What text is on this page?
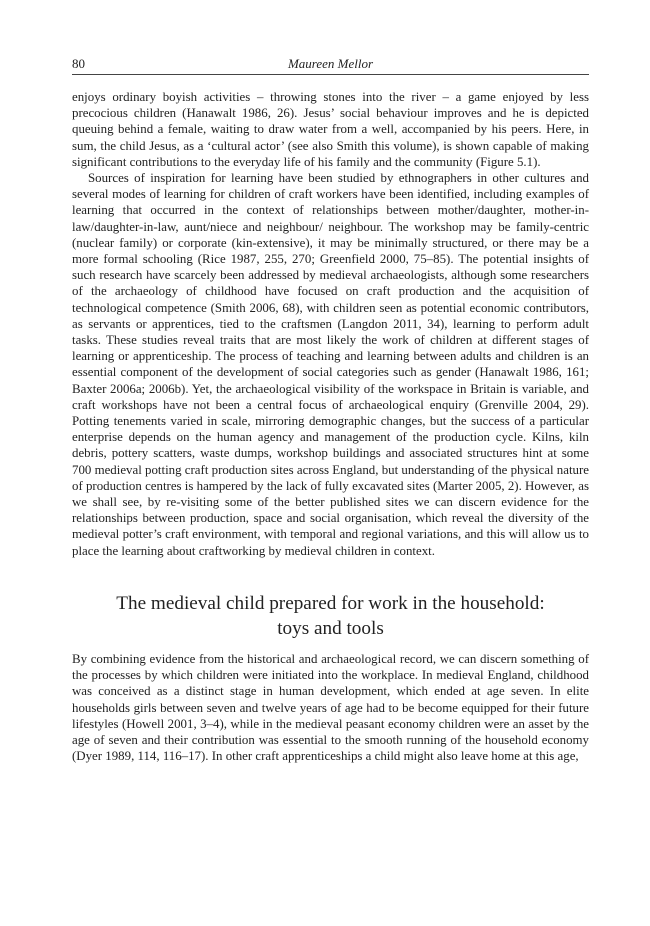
80	Maureen Mellor

enjoys ordinary boyish activities – throwing stones into the river – a game enjoyed by less precocious children (Hanawalt 1986, 26). Jesus’ social behaviour improves and he is depicted queuing behind a female, waiting to draw water from a well, accompanied by his peers. Here, in sum, the child Jesus, as a ‘cultural actor’ (see also Smith this volume), is shown capable of making significant contributions to the everyday life of his family and the community (Figure 5.1).

Sources of inspiration for learning have been studied by ethnographers in other cultures and several modes of learning for children of craft workers have been identified, including examples of learning that occurred in the context of relationships between mother/daughter, mother-in-law/daughter-in-law, aunt/niece and neighbour/ neighbour. The workshop may be family-centric (nuclear family) or corporate (kin-extensive), it may be minimally structured, or there may be a more formal schooling (Rice 1987, 255, 270; Greenfield 2000, 75–85). The potential insights of such research have scarcely been addressed by medieval archaeologists, although some researchers of the archaeology of childhood have focused on craft production and the acquisition of technological competence (Smith 2006, 68), with children seen as potential economic contributors, as servants or apprentices, tied to the craftsmen (Langdon 2011, 34), learning to perform adult tasks. These studies reveal traits that are most likely the work of children at different stages of learning or apprenticeship. The process of teaching and learning between adults and children is an essential component of the development of social categories such as gender (Hanawalt 1986, 161; Baxter 2006a; 2006b). Yet, the archaeological visibility of the workspace in Britain is variable, and craft workshops have not been a central focus of archaeological enquiry (Grenville 2004, 29). Potting tenements varied in scale, mirroring demographic changes, but the success of a particular enterprise depends on the human agency and management of the production cycle. Kilns, kiln debris, pottery scatters, waste dumps, workshop buildings and associated structures hint at some 700 medieval potting craft production sites across England, but understanding of the physical nature of production centres is hampered by the lack of fully excavated sites (Marter 2005, 2). However, as we shall see, by re-visiting some of the better published sites we can discern evidence for the relationships between production, space and social organisation, which reveal the diversity of the medieval potter’s craft environment, with temporal and regional variations, and this will allow us to place the learning about craftworking by medieval children in context.

The medieval child prepared for work in the household:
toys and tools

By combining evidence from the historical and archaeological record, we can discern something of the processes by which children were initiated into the workplace. In medieval England, childhood was conceived as a distinct stage in human development, which ended at age seven. In elite households girls between seven and twelve years of age had to be become equipped for their future lifestyles (Howell 2001, 3–4), while in the medieval peasant economy children were an asset by the age of seven and their contribution was essential to the smooth running of the household economy (Dyer 1989, 114, 116–17). In other craft apprenticeships a child might also leave home at this age,
